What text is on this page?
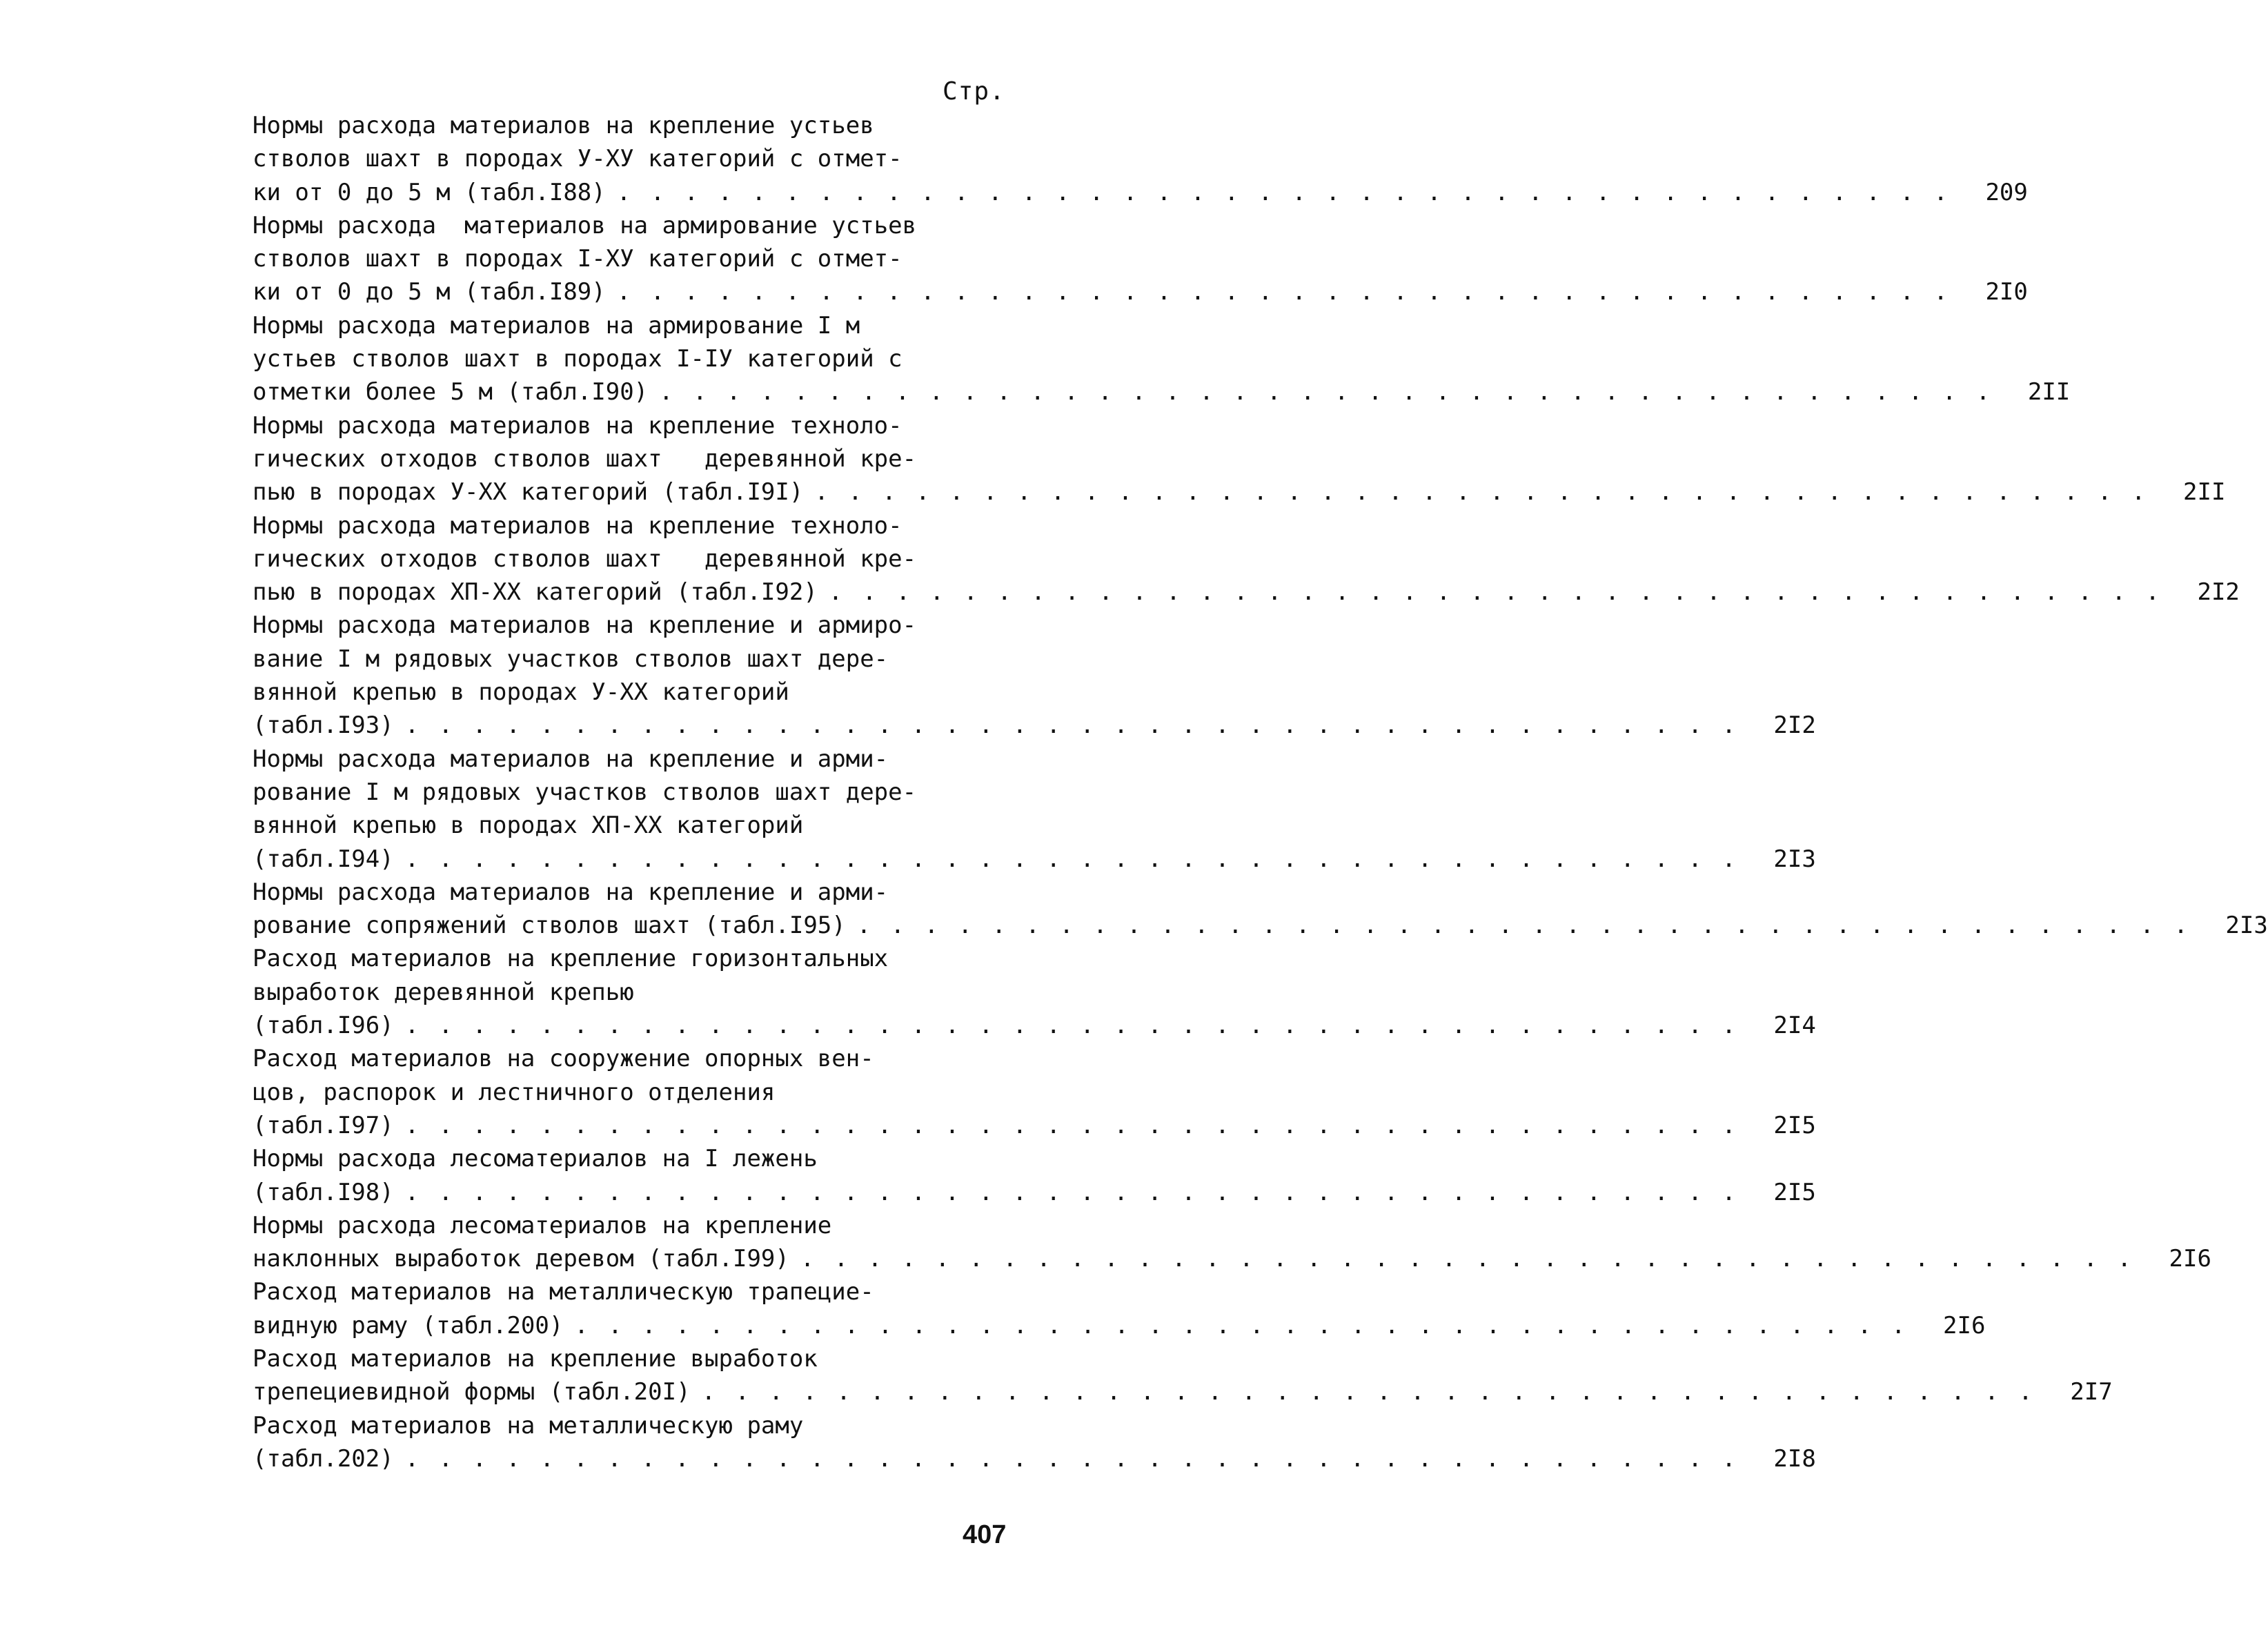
Стр.
Нормы расхода материалов на крепление устьев
стволов шахт в породах У-ХУ категорий с отмет-
ки от 0 до 5 м (табл.I88) . . . . . . . . . . . . . . . . . . . . . . . . . . . . . . . . . . . . . . . .	209
Нормы расхода  материалов на армирование устьев
стволов шахт в породах I-ХУ категорий с отмет-
ки от 0 до 5 м (табл.I89) . . . . . . . . . . . . . . . . . . . . . . . . . . . . . . . . . . . . . . . .	2I0
Нормы расхода материалов на армирование I м
устьев стволов шахт в породах I-IУ категорий с
отметки более 5 м (табл.I90) . . . . . . . . . . . . . . . . . . . . . . . . . . . . . . . . . . . . . . . .	2II
Нормы расхода материалов на крепление техноло-
гических отходов стволов шахт   деревянной кре-
пью в породах У-ХХ категорий (табл.I9I) . . . . . . . . . . . . . . . . . . . . . . . . . . . . . . . . . . . . . . . .	2II
Нормы расхода материалов на крепление техноло-
гических отходов стволов шахт   деревянной кре-
пью в породах ХП-ХХ категорий (табл.I92) . . . . . . . . . . . . . . . . . . . . . . . . . . . . . . . . . . . . . . . .	2I2
Нормы расхода материалов на крепление и армиро-
вание I м рядовых участков стволов шахт дере-
вянной крепью в породах У-ХХ категорий
(табл.I93) . . . . . . . . . . . . . . . . . . . . . . . . . . . . . . . . . . . . . . . .	2I2
Нормы расхода материалов на крепление и арми-
рование I м рядовых участков стволов шахт дере-
вянной крепью в породах ХП-ХХ категорий
(табл.I94) . . . . . . . . . . . . . . . . . . . . . . . . . . . . . . . . . . . . . . . .	2I3
Нормы расхода материалов на крепление и арми-
рование сопряжений стволов шахт (табл.I95) . . . . . . . . . . . . . . . . . . . . . . . . . . . . . . . . . . . . . . . .	2I3
Расход материалов на крепление горизонтальных
выработок деревянной крепью
(табл.I96) . . . . . . . . . . . . . . . . . . . . . . . . . . . . . . . . . . . . . . . .	2I4
Расход материалов на сооружение опорных вен-
цов, распорок и лестничного отделения
(табл.I97) . . . . . . . . . . . . . . . . . . . . . . . . . . . . . . . . . . . . . . . .	2I5
Нормы расхода лесоматериалов на I лежень
(табл.I98) . . . . . . . . . . . . . . . . . . . . . . . . . . . . . . . . . . . . . . . .	2I5
Нормы расхода лесоматериалов на крепление
наклонных выработок деревом (табл.I99) . . . . . . . . . . . . . . . . . . . . . . . . . . . . . . . . . . . . . . . .	2I6
Расход материалов на металлическую трапецие-
видную раму (табл.200) . . . . . . . . . . . . . . . . . . . . . . . . . . . . . . . . . . . . . . . .	2I6
Расход материалов на крепление выработок
трепециевидной формы (табл.20I) . . . . . . . . . . . . . . . . . . . . . . . . . . . . . . . . . . . . . . . .	2I7
Расход материалов на металлическую раму
(табл.202) . . . . . . . . . . . . . . . . . . . . . . . . . . . . . . . . . . . . . . . .	2I8
407
